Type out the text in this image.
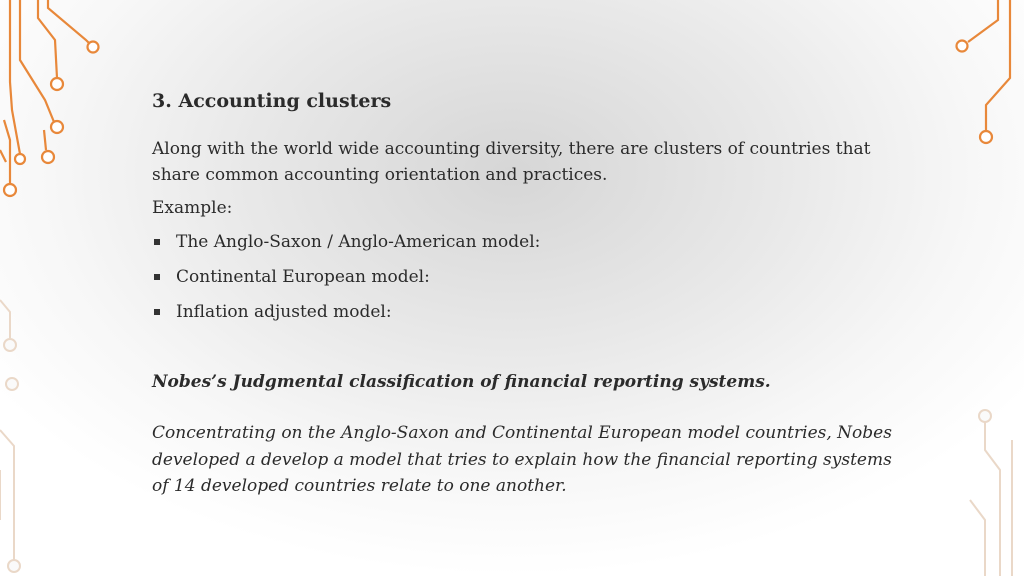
3. Accounting clusters
Along with the world wide accounting diversity, there are clusters of countries that share common accounting orientation and practices.
Example:
The Anglo-Saxon / Anglo-American model:
Continental European model:
Inflation adjusted model:
Nobes’s Judgmental classification of financial reporting systems.
Concentrating on the Anglo-Saxon and Continental European model countries, Nobes developed a develop a model that tries to explain how the financial reporting systems of 14 developed countries relate to one another.
